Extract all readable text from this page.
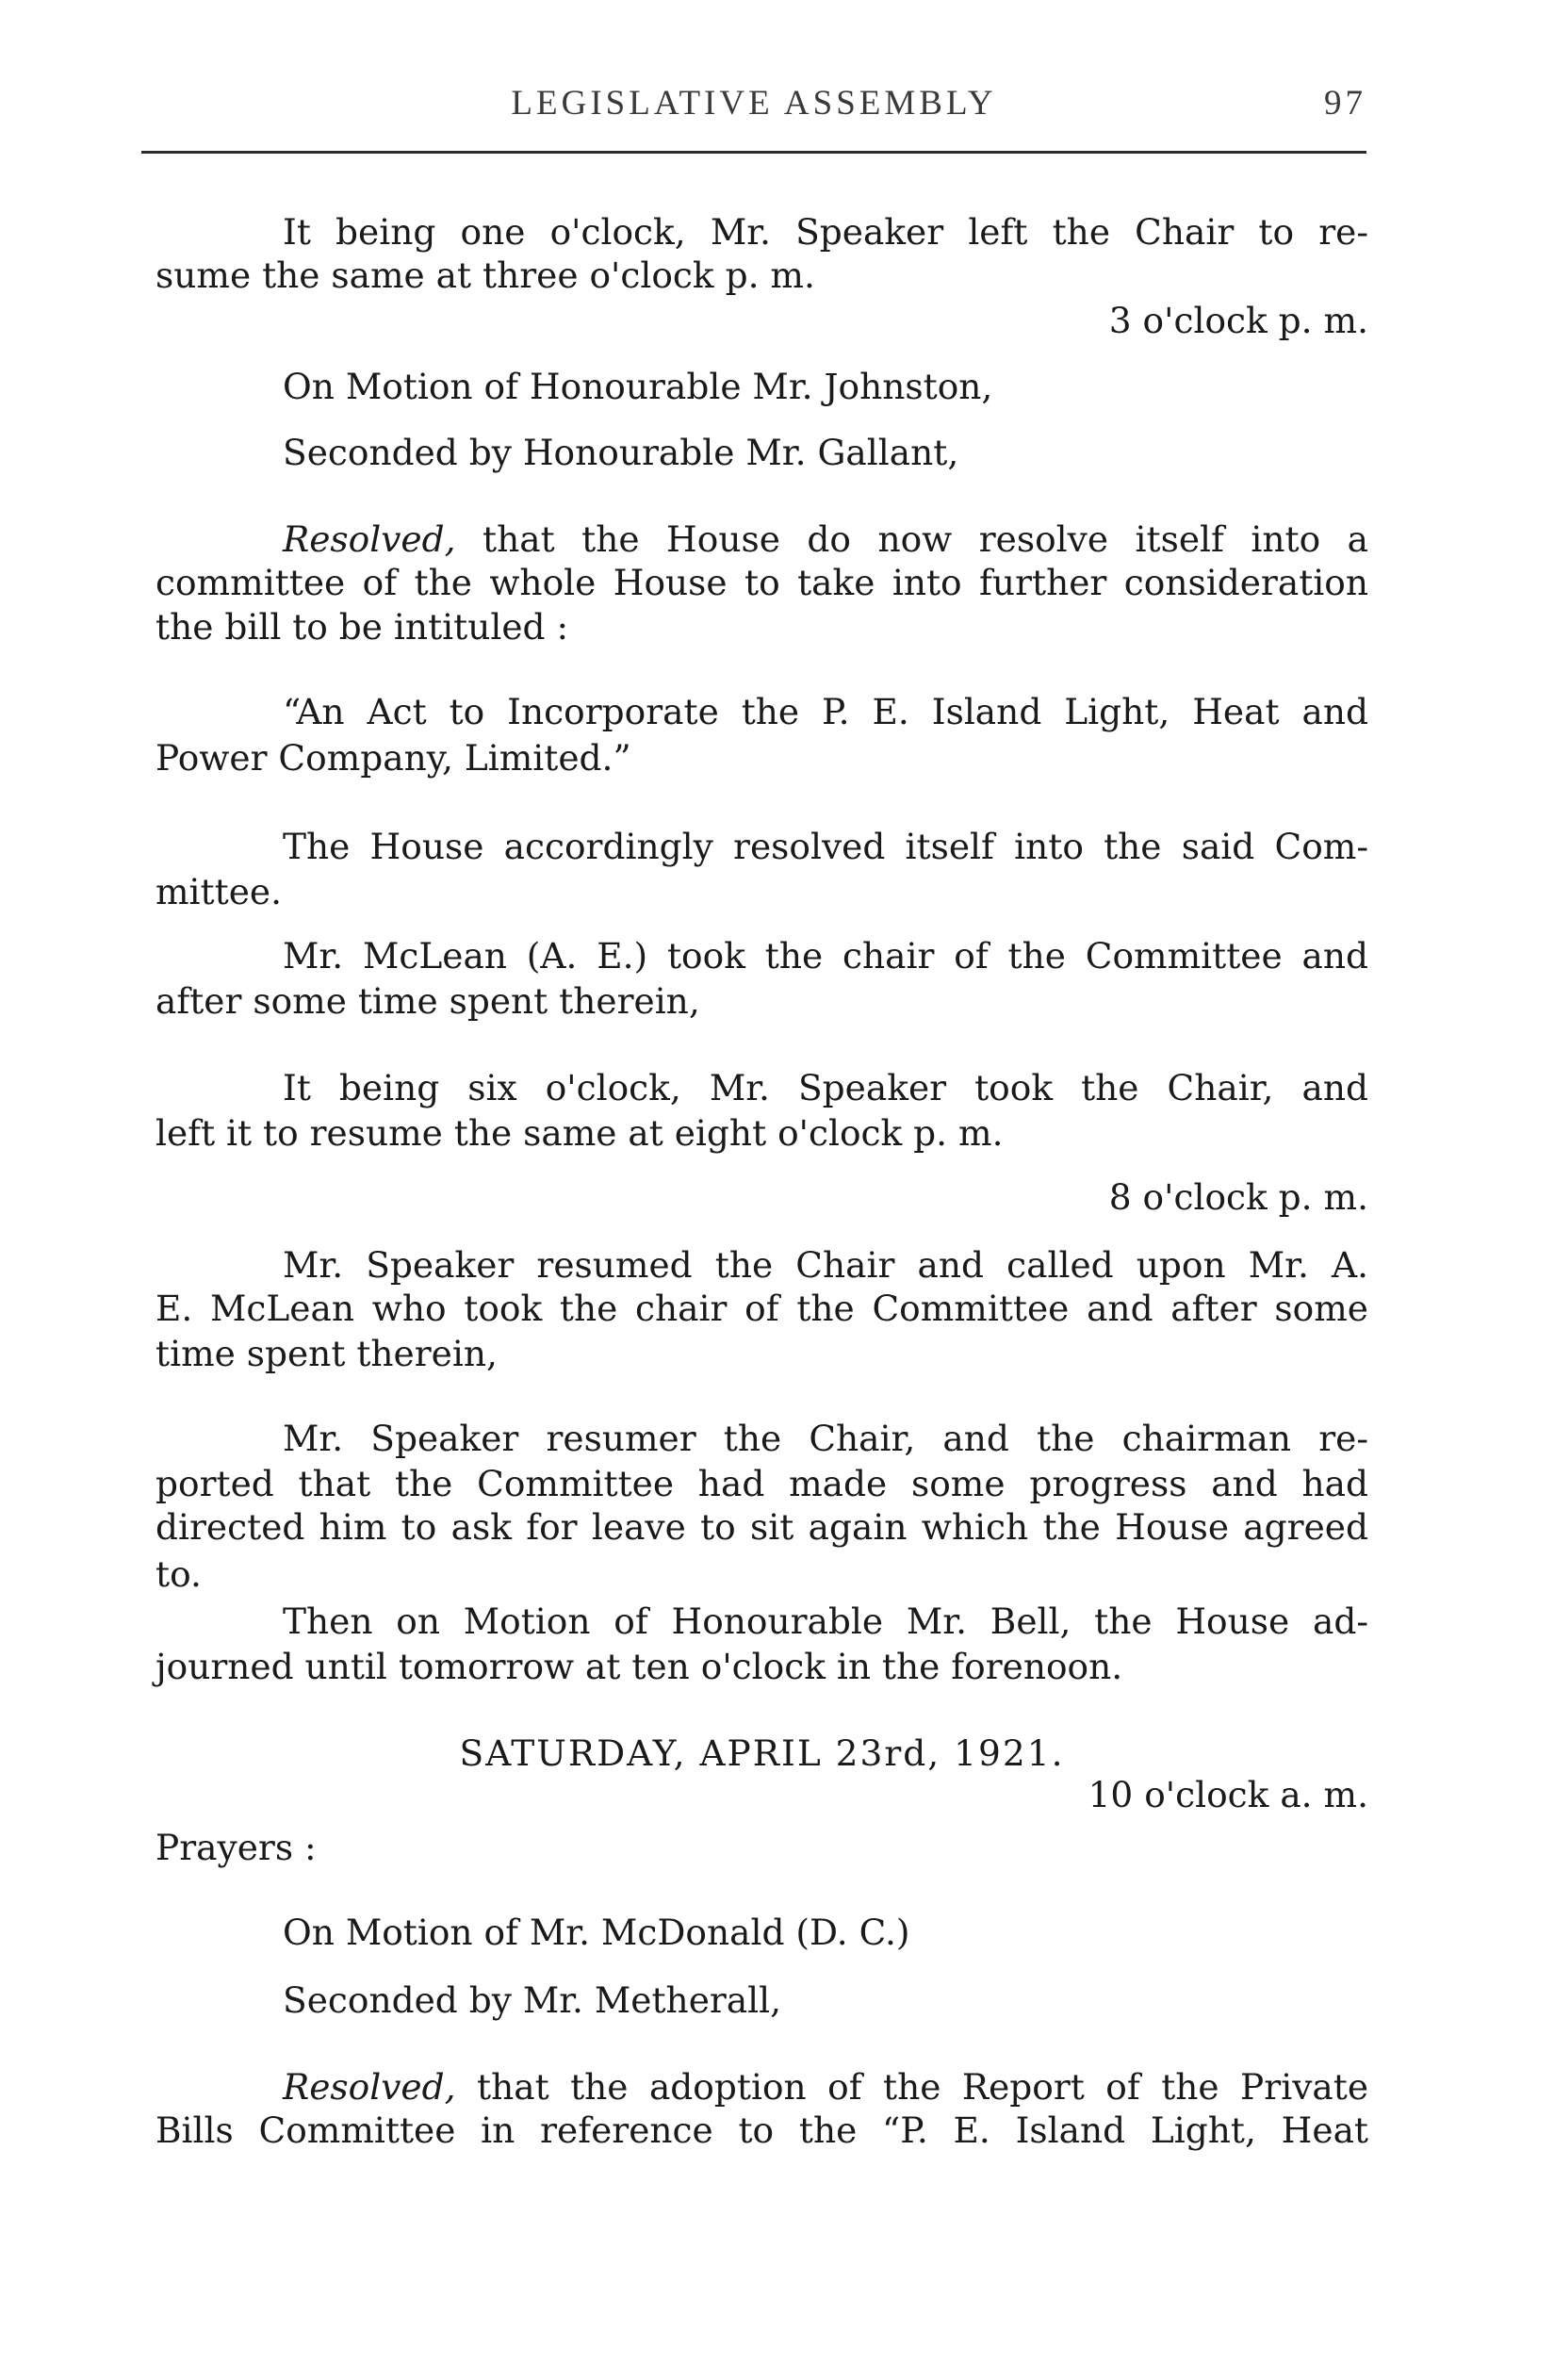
LEGISLATIVE ASSEMBLY	97
It being one o'clock, Mr. Speaker left the Chair to re-
sume the same at three o'clock p. m.
3 o'clock p. m.
On Motion of Honourable Mr. Johnston,
Seconded by Honourable Mr. Gallant,
Resolved, that the House do now resolve itself into a
committee of the whole House to take into further consideration
the bill to be intituled :
“An Act to Incorporate the P. E. Island Light, Heat and
Power Company, Limited.”
The House accordingly resolved itself into the said Com-
mittee.
Mr. McLean (A. E.) took the chair of the Committee and
after some time spent therein,
It being six o'clock, Mr. Speaker took the Chair, and
left it to resume the same at eight o'clock p. m.
8 o'clock p. m.
Mr. Speaker resumed the Chair and called upon Mr. A.
E. McLean who took the chair of the Committee and after some
time spent therein,
Mr. Speaker resumer the Chair, and the chairman re-
ported that the Committee had made some progress and had
directed him to ask for leave to sit again which the House agreed
to.
Then on Motion of Honourable Mr. Bell, the House ad-
journed until tomorrow at ten o'clock in the forenoon.
SATURDAY, APRIL 23rd, 1921.
10 o'clock a. m.
Prayers :
On Motion of Mr. McDonald (D. C.)
Seconded by Mr. Metherall,
Resolved, that the adoption of the Report of the Private
Bills Committee in reference to the “P. E. Island Light, Heat
